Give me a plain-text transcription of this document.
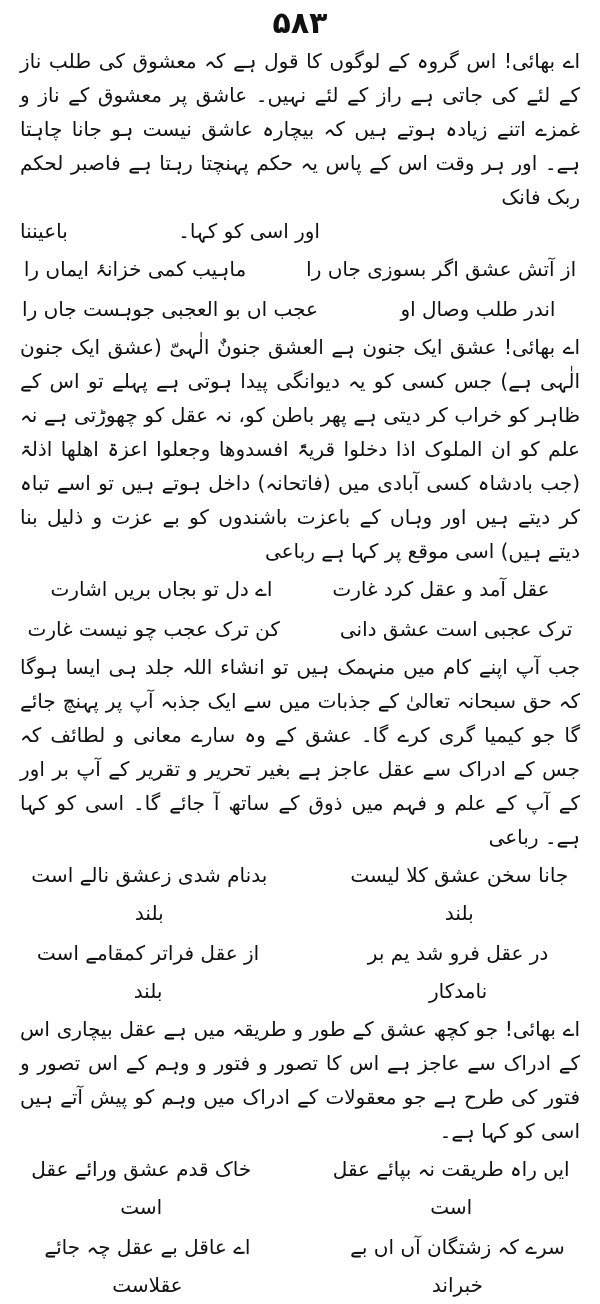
۵۸۳

اے بھائی! اس گروہ کے لوگوں کا قول ہے کہ معشوق کی طلب ناز کے لئے کی جاتی ہے راز کے لئے نہیں۔ عاشق پر معشوق کے ناز و غمزے اتنے زیادہ ہوتے ہیں کہ بیچارہ عاشق نیست ہو جانا چاہتا ہے۔ اور ہر وقت اس کے پاس یہ حکم پہنچتا رہتا ہے فاصبر لحکم ربک فانک

اور اسی کو کہا۔
باعیننا
از آتش عشق اگر بسوزی جاں را
ماہیب کمی خزانۂ ایماں را
اندر طلب وصال او
عجب اں بو العجبی جوہست جاں را

اے بھائی! عشق ایک جنون ہے العشق جنونٌ الٰہیّ (عشق ایک جنون الٰہی ہے) جس کسی کو یہ دیوانگی پیدا ہوتی ہے پہلے تو اس کے ظاہر کو خراب کر دیتی ہے پھر باطن کو، نہ عقل کو چھوڑتی ہے نہ علم کو ان الملوک اذا دخلوا قریۃً افسدوھا وجعلوا اعزۃ اھلھا اذلۃ (جب بادشاہ کسی آبادی میں (فاتحانہ) داخل ہوتے ہیں تو اسے تباہ کر دیتے ہیں اور وہاں کے باعزت باشندوں کو بے عزت و ذلیل بنا دیتے ہیں) اسی موقع پر کہا ہے رباعی

عقل آمد و عقل کرد غارت
اے دل تو بجاں بریں اشارت
ترک عجبی است عشق دانی
کن ترک عجب چو نیست غارت

جب آپ اپنے کام میں منہمک ہیں تو انشاء اللہ جلد ہی ایسا ہوگا کہ حق سبحانہ تعالیٰ کے جذبات میں سے ایک جذبہ آپ پر پہنچ جائے گا جو کیمیا گری کرے گا۔ عشق کے وہ سارے معانی و لطائف کہ جس کے ادراک سے عقل عاجز ہے بغیر تحریر و تقریر کے آپ بر اور کے آپ کے علم و فہم میں ذوق کے ساتھ آ جائے گا۔ اسی کو کہا ہے۔ رباعی

جانا سخن عشق کلا لیست بلند
بدنام شدی زعشق نالے است بلند
در عقل فرو شد یم بر نامدکار
از عقل فراتر کمقامے است بلند

اے بھائی! جو کچھ عشق کے طور و طریقہ میں ہے عقل بیچاری اس کے ادراک سے عاجز ہے اس کا تصور و فتور و وہم کے اس تصور و فتور کی طرح ہے جو معقولات کے ادراک میں وہم کو پیش آتے ہیں اسی کو کہا ہے۔

ایں راہ طریقت نہ بپائے عقل است
خاک قدم عشق ورائے عقل است
سرے کہ زشتگان آں اں بے خبراند
اے عاقل بے عقل چہ جائے عقلاست
